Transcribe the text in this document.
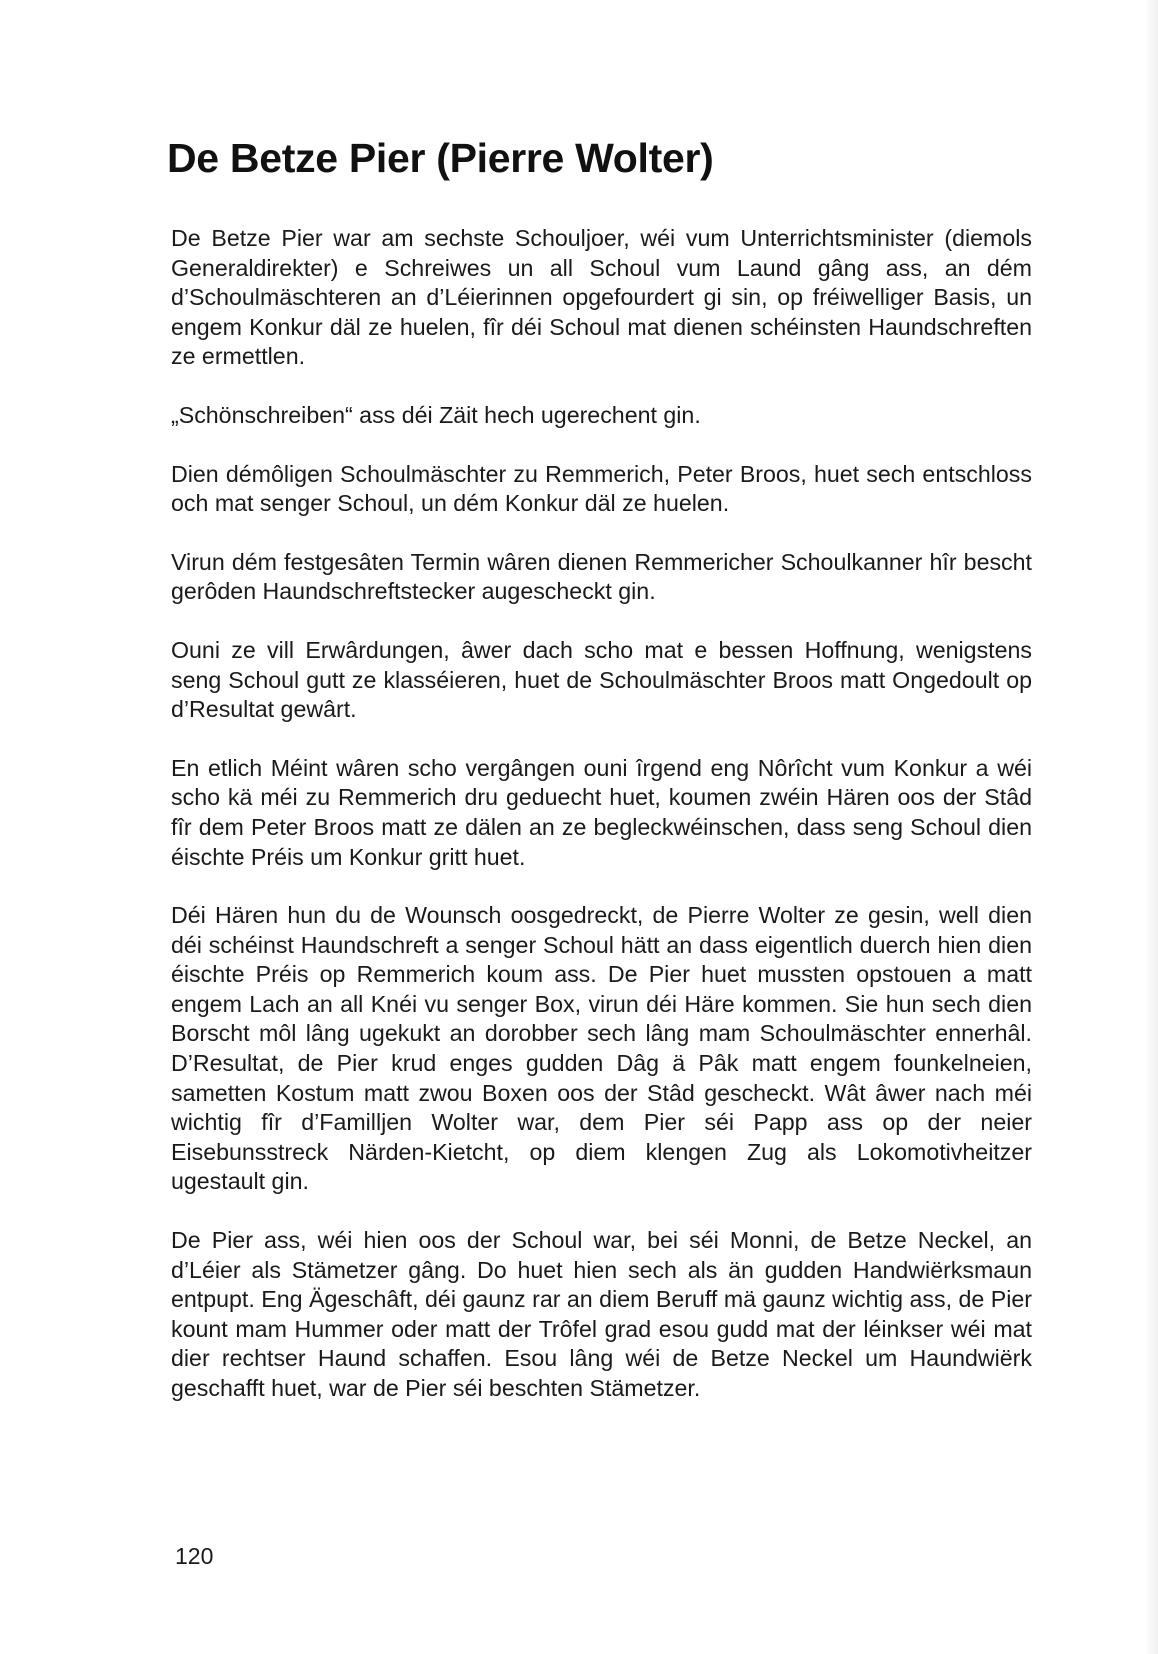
De Betze Pier (Pierre Wolter)

De Betze Pier war am sechste Schouljoer, wéi vum Unterrichtsminister (diemols Generaldirekter) e Schreiwes un all Schoul vum Laund gâng ass, an dém d’Schoulmäschteren an d’Léierinnen opgefourdert gi sin, op fréiwelliger Basis, un engem Konkur däl ze huelen, fîr déi Schoul mat dienen schéinsten Haundschreften ze ermettlen.

„Schönschreiben“ ass déi Zäit hech ugerechent gin.

Dien démôligen Schoulmäschter zu Remmerich, Peter Broos, huet sech entschloss och mat senger Schoul, un dém Konkur däl ze huelen.

Virun dém festgesâten Termin wâren dienen Remmericher Schoulkanner hîr bescht gerôden Haundschreftstecker augescheckt gin.

Ouni ze vill Erwârdungen, âwer dach scho mat e bessen Hoffnung, wenigstens seng Schoul gutt ze klasséieren, huet de Schoulmäschter Broos matt Ongedoult op d’Resultat gewârt.

En etlich Méint wâren scho vergângen ouni îrgend eng Nôrîcht vum Konkur a wéi scho kä méi zu Remmerich dru geduecht huet, koumen zwéin Hären oos der Stâd fîr dem Peter Broos matt ze dälen an ze begleckwéinschen, dass seng Schoul dien éischte Préis um Konkur gritt huet.

Déi Hären hun du de Wounsch oosgedreckt, de Pierre Wolter ze gesin, well dien déi schéinst Haundschreft a senger Schoul hätt an dass eigentlich duerch hien dien éischte Préis op Remmerich koum ass. De Pier huet mussten opstouen a matt engem Lach an all Knéi vu senger Box, virun déi Häre kommen. Sie hun sech dien Borscht môl lâng ugekukt an dorobber sech lâng mam Schoulmäschter ennerhâl. D’Resultat, de Pier krud enges gudden Dâg ä Pâk matt engem founkelneien, sametten Kostum matt zwou Boxen oos der Stâd gescheckt. Wât âwer nach méi wichtig fîr d’Familljen Wolter war, dem Pier séi Papp ass op der neier Eisebunsstreck Närden-Kietcht, op diem klengen Zug als Lokomotivheitzer ugestault gin.

De Pier ass, wéi hien oos der Schoul war, bei séi Monni, de Betze Neckel, an d’Léier als Stämetzer gâng. Do huet hien sech als än gudden Handwiërksmaun entpupt. Eng Ägeschâft, déi gaunz rar an diem Beruff mä gaunz wichtig ass, de Pier kount mam Hummer oder matt der Trôfel grad esou gudd mat der léinkser wéi mat dier rechtser Haund schaffen. Esou lâng wéi de Betze Neckel um Haundwiërk geschafft huet, war de Pier séi beschten Stämetzer.

120
